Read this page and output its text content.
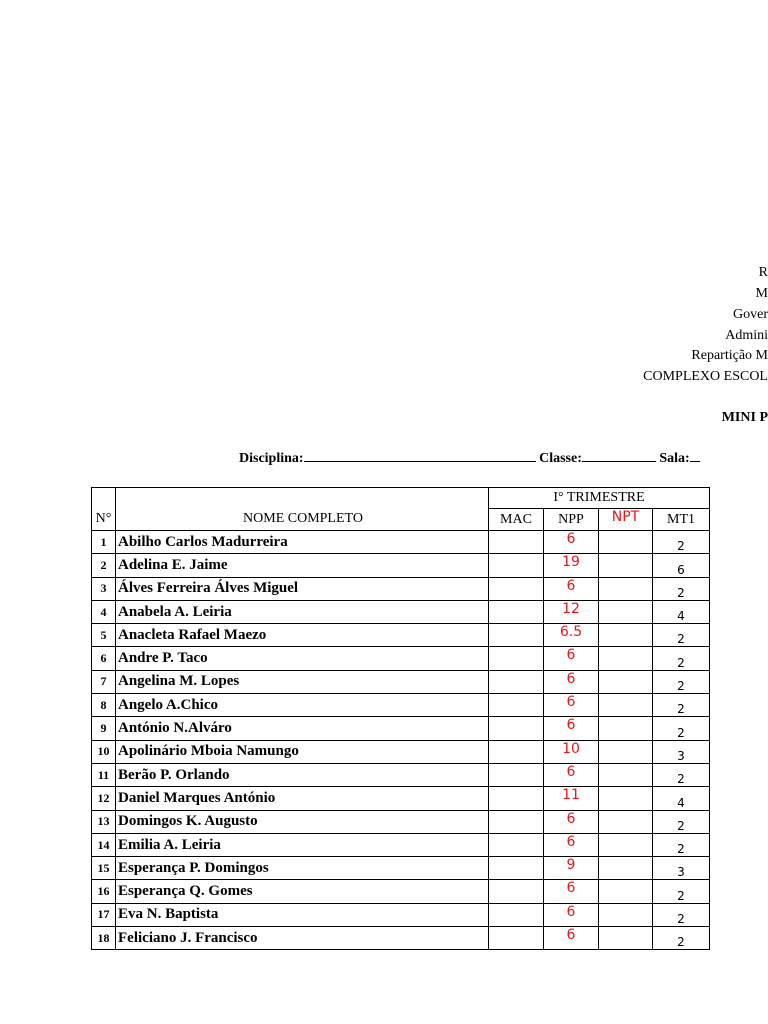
R
M
Gover
Admini
Repartição M
COMPLEXO ESCOL
MINI P
Disciplina:	Classe:	Sala:
N°	NOME COMPLETO	I° TRIMESTRE			
		MAC	NPP	NPT	MT1
1	Abilho Carlos Madurreira		6		2
2	Adelina E. Jaime		19		6
3	Álves Ferreira Álves Miguel		6		2
4	Anabela A. Leiria		12		4
5	Anacleta Rafael Maezo		6.5		2
6	Andre P. Taco		6		2
7	Angelina M. Lopes		6		2
8	Angelo A.Chico		6		2
9	António N.Alváro		6		2
10	Apolinário Mboia Namungo		10		3
11	Berão P. Orlando		6		2
12	Daniel Marques António		11		4
13	Domingos K. Augusto		6		2
14	Emilia A. Leiria		6		2
15	Esperança P. Domingos		9		3
16	Esperança Q. Gomes		6		2
17	Eva N. Baptista		6		2
18	Feliciano J. Francisco		6		2
